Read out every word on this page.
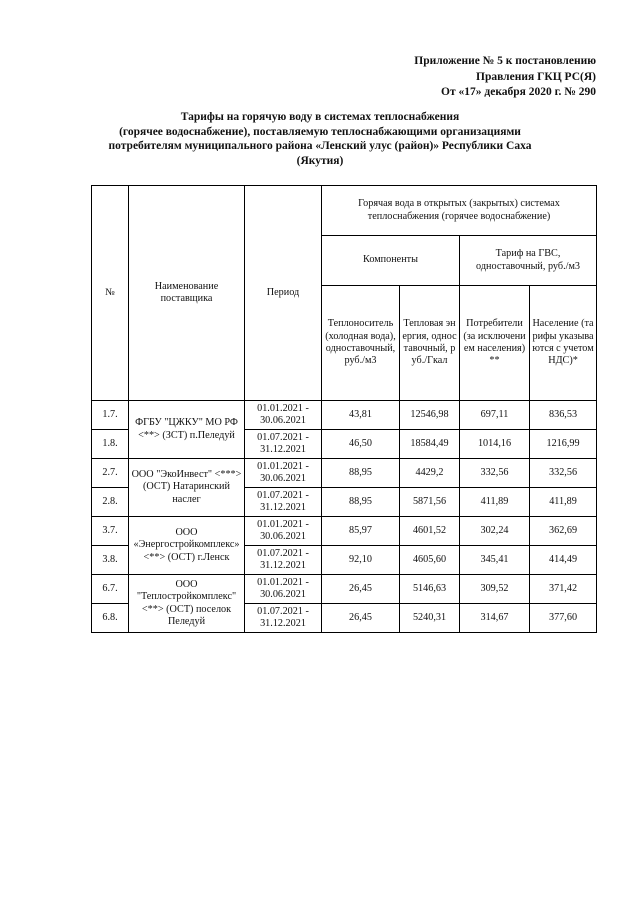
Приложение № 5 к постановлению
Правления ГКЦ РС(Я)
От «17» декабря 2020 г. № 290
Тарифы на горячую воду в системах теплоснабжения
(горячее водоснабжение), поставляемую теплоснабжающими организациями
потребителям муниципального района «Ленский улус (район)» Республики Саха
(Якутия)
№	Наименование поставщика	Период	Горячая вода в открытых (закрытых) системах теплоснабжения (горячее водоснабжение)			
			Компоненты		Тариф на ГВС, одноставочный, руб./м3	
			Теплоноситель (холодная вода), одноставочный, руб./м3	Тепловая энергия, одноставочный, руб./Гкал	Потребители (за исключением населения) **	Население (тарифы указываются с учетом НДС)*
1.7.	ФГБУ "ЦЖКУ" МО РФ <**> (ЗСТ) п.Пеледуй	01.01.2021 - 30.06.2021	43,81	12546,98	697,11	836,53
1.8.		01.07.2021 - 31.12.2021	46,50	18584,49	1014,16	1216,99
2.7.	ООО "ЭкоИнвест" <***> (ОСТ) Натаринский наслег	01.01.2021 - 30.06.2021	88,95	4429,2	332,56	332,56
2.8.		01.07.2021 - 31.12.2021	88,95	5871,56	411,89	411,89
3.7.	ООО «Энергостройкомплекс» <**> (ОСТ) г.Ленск	01.01.2021 - 30.06.2021	85,97	4601,52	302,24	362,69
3.8.		01.07.2021 - 31.12.2021	92,10	4605,60	345,41	414,49
6.7.	ООО "Теплостройкомплекс" <**> (ОСТ) поселок Пеледуй	01.01.2021 - 30.06.2021	26,45	5146,63	309,52	371,42
6.8.		01.07.2021 - 31.12.2021	26,45	5240,31	314,67	377,60
